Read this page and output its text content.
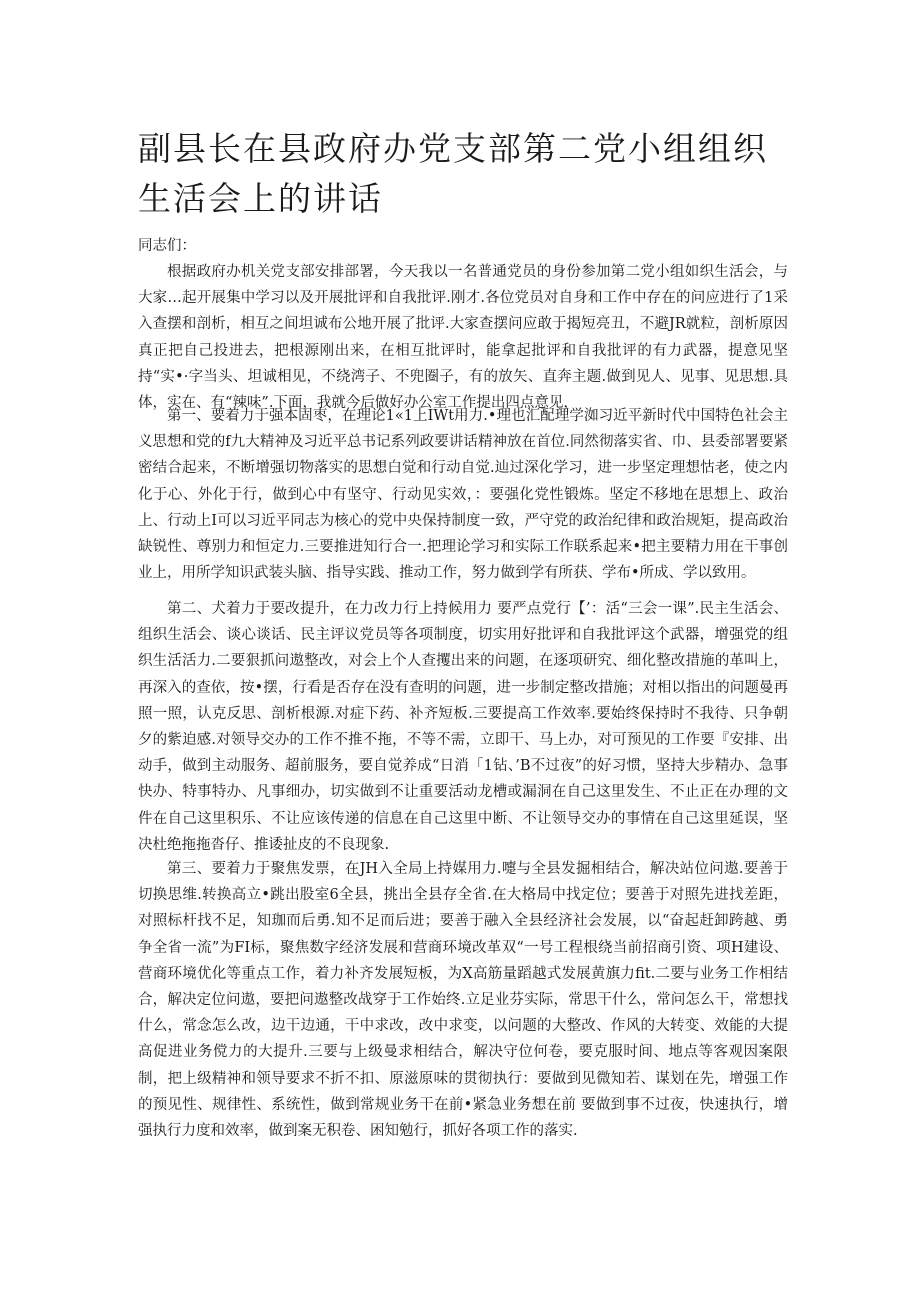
副县长在县政府办党支部第二党小组组织生活会上的讲话

同志们：

根据政府办机关党支部安排部署，今天我以一名普通党员的身份参加第二党小组如织生活会，与大家…起开展集中学习以及开展批评和自我批评.刚才.各位党员对自身和工作中存在的问应进行了1采入查摆和剖析，相互之间坦诚布公地开展了批评.大家查摆问应敢于揭短亮丑，不避JR就粒，剖析原因真正把自己投进去，把根源刚出来，在相互批评时，能拿起批评和自我批评的有力武器，提意见坚持“实•·字当头、坦诚相见，不绕湾子、不兜圈子，有的放矢、直奔主题.做到见人、见事、见思想.具体，实在、有“辣味”.下面，我就今后做好办公室工作提出四点意见，

第一、要着力于强本固枣，在理论1«1上IWt用力.•理也汇配理学洳习近平新时代中国特色社会主义思想和党的f九大精神及习近平总书记系列政要讲话精神放在首位.同然彻落实省、巾、县委部署要紧密结合起来，不断增强切物落实的思想白觉和行动自觉.辿过深化学习，进一步坚定理想怙老，使之内化于心、外化于行，做到心中有坚守、行动见实效，：要强化党性锻炼。坚定不移地在思想上、政治上、行动上I可以习近平同志为核心的党中央保持制度一致，严守党的政治纪律和政治规矩，提高政治缺锐性、尊别力和恒定力.三要推进知行合一.把理论学习和实际工作联系起来•把主要精力用在干事创业上，用所学知识武装头脑、指导实践、推动工作，努力做到学有所获、学布•所成、学以致用。

第二、犬着力于要改提升，在力改力行上持候用力 要严点党行【’：活“三会一课”.民主生活会、组织生活会、谈心谈话、民主评议党员等各项制度，切实用好批评和自我批评这个武器，增强党的组织生活活力.二要狠抓问遨整改，对会上个人查攫出来的问题，在逐项研究、细化整改措施的革叫上，再深入的查依，按•摆，行看是否存在没有查明的问题，进一步制定整改措施；对相以指出的问题曼再照一照，认克反思、剖析根源.对症下药、补齐短板.三要提高工作效率.要始终保持时不我待、只争朝夕的紫迫感.对领导交办的工作不推不拖，不等不需，立即干、马上办，对可预见的工作要『安排、出动手，做到主动服务、超前服务，要自觉养成“日消「1钻、’B不过夜”的好习惯，坚持大步精办、急事快办、特事特办、凡事细办，切实做到不让重要活动龙槽或漏洞在自己这里发生、不止正在办理的文件在自己这里积乐、不让应该传递的信息在自己这里中断、不让领导交办的事情在自己这里延误，坚决杜绝拖拖沓仔、推诿扯皮的不良现象.

第三、要着力于聚焦发票，在JH入全局上持媒用力.嚏与全县发掘相结合，解决站位问遨.要善于切换思维.转换高立•跳出股室6全县，挑出全县存全省.在大格局中找定位；要善于对照先进找差距，对照标杆找不足，知珈而后勇.知不足而后进；要善于融入全县经济社会发展，以“奋起赶卸跨越、勇争全省一流”为FI标，聚焦数字经济发展和营商环境改革双“一号工程根绕当前招商引资、项H建设、营商环境优化等重点工作，着力补齐发展短板，为X高筋量蹈越式发展黄旗力fit.二要与业务工作相结合，解决定位问遨，要把问遨整改战穿于工作始终.立足业芬实际，常思干什么，常问怎么干，常想找什么，常念怎么改，边干边通，干中求改，改中求变，以问题的大整改、作风的大转变、效能的大提高促进业务傥力的大提升.三要与上级曼求相结合，解决守位何卷，要克服时间、地点等客观因案限制，把上级精神和领导要求不折不扣、原滋原味的贯彻执行：要做到见微知若、谋划在先，增强工作的预见性、规律性、系统性，做到常规业务干在前•紧急业务想在前 要做到事不过夜，快速执行，增强执行力度和效率，做到案无积卷、困知勉行，抓好各项工作的落实.
